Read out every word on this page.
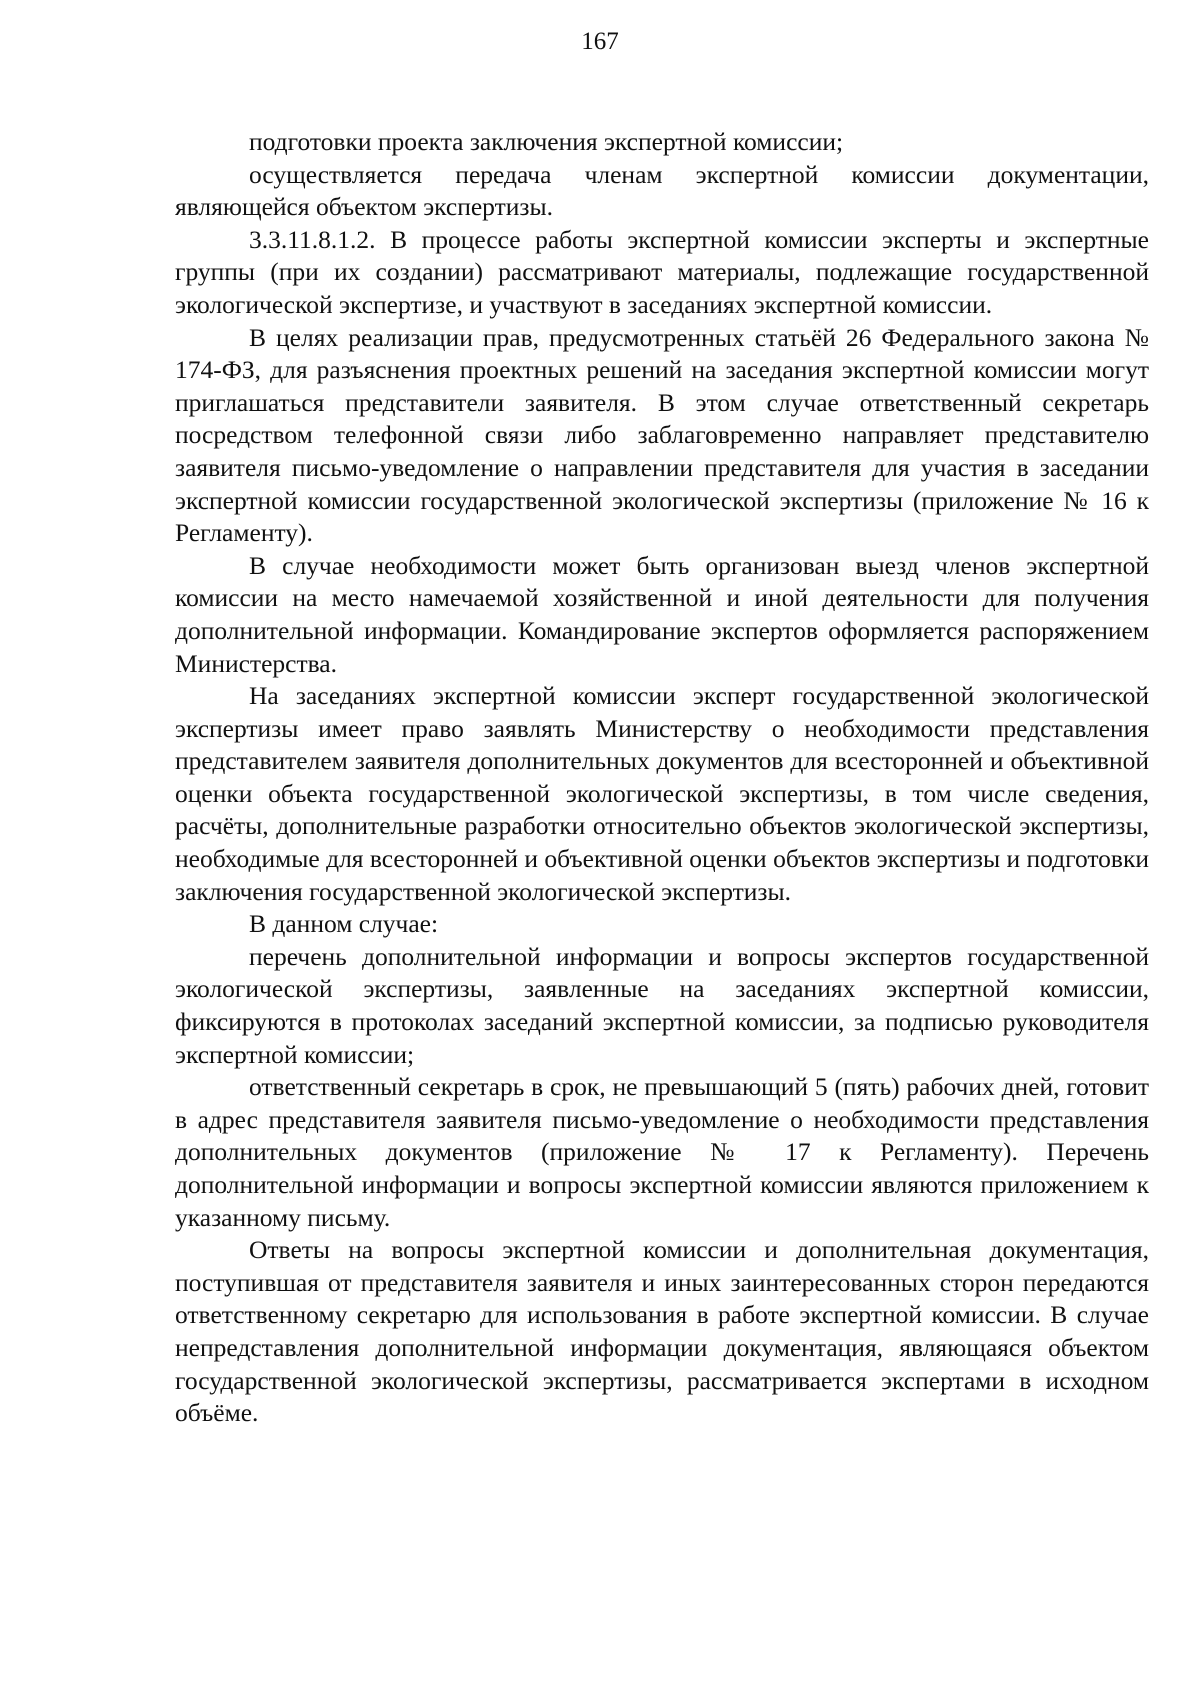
167

подготовки проекта заключения экспертной комиссии;

осуществляется передача членам экспертной комиссии документации, являющейся объектом экспертизы.

3.3.11.8.1.2. В процессе работы экспертной комиссии эксперты и экспертные группы (при их создании) рассматривают материалы, подлежащие государственной экологической экспертизе, и участвуют в заседаниях экспертной комиссии.

В целях реализации прав, предусмотренных статьёй 26 Федерального закона № 174-ФЗ, для разъяснения проектных решений на заседания экспертной комиссии могут приглашаться представители заявителя. В этом случае ответственный секретарь посредством телефонной связи либо заблаговременно направляет представителю заявителя письмо-уведомление о направлении представителя для участия в заседании экспертной комиссии государственной экологической экспертизы (приложение № 16 к Регламенту).

В случае необходимости может быть организован выезд членов экспертной комиссии на место намечаемой хозяйственной и иной деятельности для получения дополнительной информации. Командирование экспертов оформляется распоряжением Министерства.

На заседаниях экспертной комиссии эксперт государственной экологической экспертизы имеет право заявлять Министерству о необходимости представления представителем заявителя дополнительных документов для всесторонней и объективной оценки объекта государственной экологической экспертизы, в том числе сведения, расчёты, дополнительные разработки относительно объектов экологической экспертизы, необходимые для всесторонней и объективной оценки объектов экспертизы и подготовки заключения государственной экологической экспертизы.

В данном случае:

перечень дополнительной информации и вопросы экспертов государственной экологической экспертизы, заявленные на заседаниях экспертной комиссии, фиксируются в протоколах заседаний экспертной комиссии, за подписью руководителя экспертной комиссии;

ответственный секретарь в срок, не превышающий 5 (пять) рабочих дней, готовит в адрес представителя заявителя письмо-уведомление о необходимости представления дополнительных документов (приложение № 17 к Регламенту). Перечень дополнительной информации и вопросы экспертной комиссии являются приложением к указанному письму.

Ответы на вопросы экспертной комиссии и дополнительная документация, поступившая от представителя заявителя и иных заинтересованных сторон передаются ответственному секретарю для использования в работе экспертной комиссии. В случае непредставления дополнительной информации документация, являющаяся объектом государственной экологической экспертизы, рассматривается экспертами в исходном объёме.
